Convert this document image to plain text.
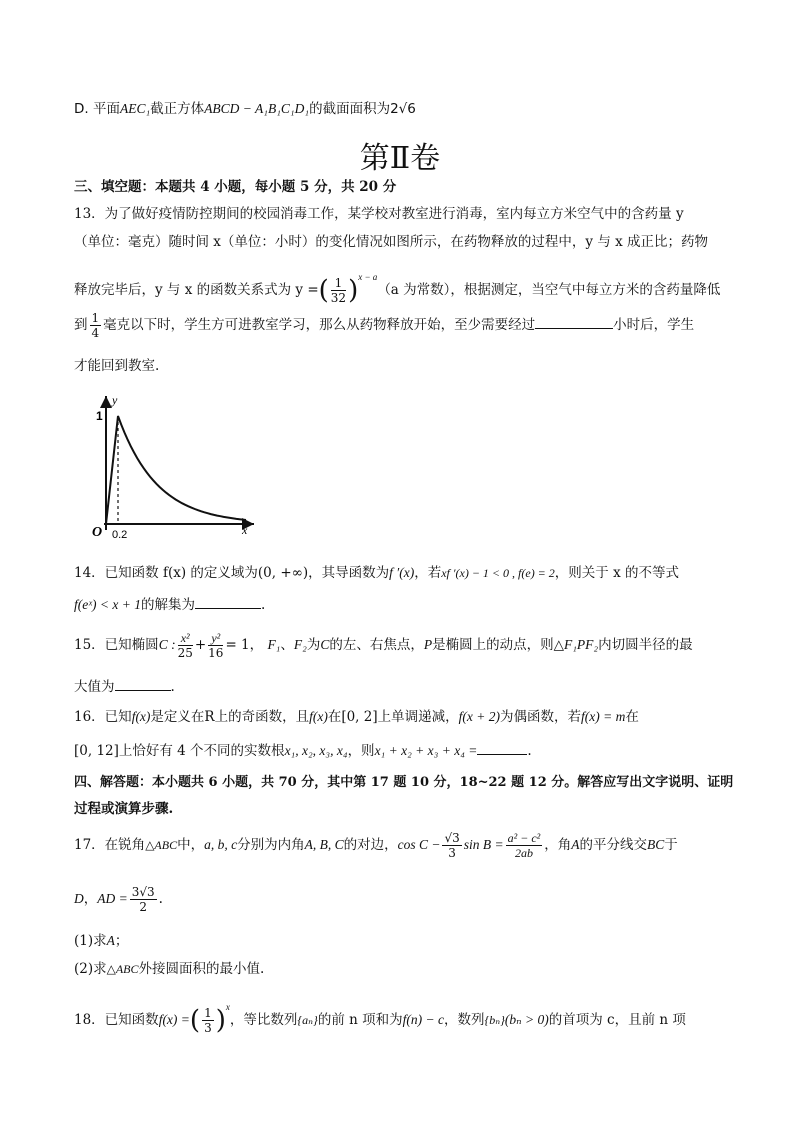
D. 平面AEC₁截正方体ABCD − A₁B₁C₁D₁的截面面积为2√6
第Ⅱ卷
三、填空题：本题共 4 小题，每小题 5 分，共 20 分
13．为了做好疫情防控期间的校园消毒工作，某学校对教室进行消毒，室内每立方米空气中的含药量 y
（单位：毫克）随时间 x（单位：小时）的变化情况如图所示，在药物释放的过程中，y 与 x 成正比；药物
释放完毕后，y 与 x 的函数关系式为 y =( $\frac{1}{32} )^{x - a}(a$ 为常数），根据测定，当空气中每立方米的含药量降低
到 $\frac{1}{4}$ 毫克以下时，学生方可进教室学习，那么从药物释放开始，至少需要经过	小时后，学生
才能回到教室.
y
x
O
1
0.2
14．已知函数 f(x) 的定义域为(0, +∞)，其导函数为f ′(x)，若xf ′(x) − 1 < 0 , f(e) = 2，则关于 x 的不等式
f(eˣ) < x + 1的解集为	.
15．已知椭圆C : $\frac{\text{x²}}{25} + \frac{\text{y²}}{16} = 1$， F₁、F₂为C的左、右焦点，P是椭圆上的动点，则△F₁PF₂内切圆半径的最
大值为	.
16．已知f(x)是定义在R上的奇函数，且f(x)在[0, 2]上单调递减，f(x + 2)为偶函数，若f(x) = m在
[0, 12]上恰好有 4 个不同的实数根x₁, x₂, x₃, x₄，则x₁ + x₂ + x₃ + x₄ =	.
四、解答题：本小题共 6 小题，共 70 分，其中第 17 题 10 分，18~22 题 12 分。解答应写出文字说明、证明
过程或演算步骤.
17．在锐角△ABC中，a, b, c分别为内角A, B, C的对边，$\cos C - \frac{√3}{3}$ $\sin B = \frac{\text{a² − c²}}{2ab}$ ，角A的平分线交BC于
D，AD = $\frac{3√3}{2}$ .
(1)求A；
(2)求△ABC外接圆面积的最小值.
18．已知函数f(x) =( $\frac{1}{3} )^x$，等比数列{aₙ}的前 n 项和为f(n) − c，数列{bₙ}(bₙ > 0)的首项为 c，且前 n 项
